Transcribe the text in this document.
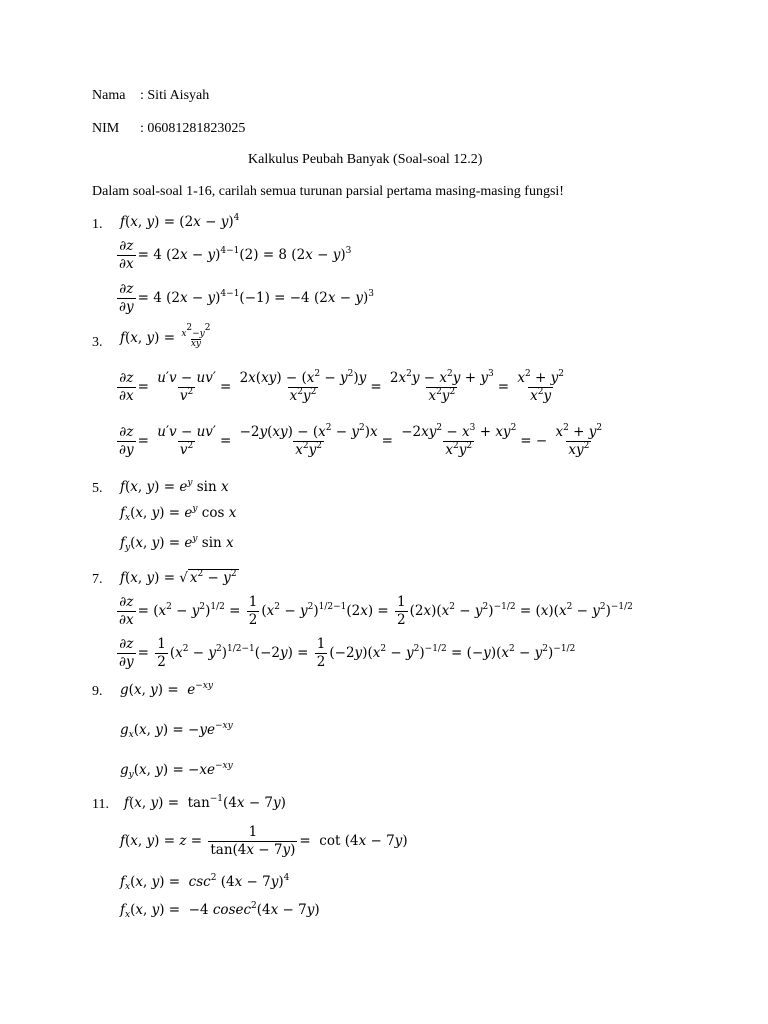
Nama : Siti Aisyah
NIM : 06081281823025
Kalkulus Peubah Banyak (Soal-soal 12.2)
Dalam soal-soal 1-16, carilah semua turunan parsial pertama masing-masing fungsi!
1. f(x, $y) = (2x - y)^4$
$\frac{\partial z}{\partial x} = 4$ $(2x - y)^{4-1}(2) = 8$ $(2x - y)^3$
$\frac{\partial z}{\partial y} = 4$ $(2x - y)^{4-1}(-1) = -4$ $(2x - y)^3$
3. f(x, $y) = \frac{x^2-y^2}{xy}$
$\frac{\partial z}{\partial x} = \frac{u'v - uv'}{v^2} = \frac{2x(xy) - (x^2 - y^2)y}{x^2y^2} = \frac{2x^2y - x^2y + y^3}{x^2y^2} = \frac{x^2 + y^2}{x^2y}$
$\frac{\partial z}{\partial y} = \frac{u'v - uv'}{v^2} = \frac{-2y(xy) - (x^2 - y^2)x}{x^2y^2} = \frac{-2xy^2 - x^3 + xy^2}{x^2y^2}$ = − $\frac{x^2 + y^2}{xy^2}$
5. f(x, $y) = e^y$ sin x
$f_x(x$, $y) = e^y$ cos x
$f_y(x$, $y) = e^y$ sin x
7. f(x, y) = √ $x^2 - y^2$
$\frac{\partial z}{\partial x} = (x^2 - y^2)^{1/2} = \frac{1}{2} (x^2 - y^2)^{1/2-1}(2x) = \frac{1}{2} (2x)(x^2 - y^2)^{-1/2} = (x)(x^2 - y^2)^{-1/2}$
$\frac{\partial z}{\partial y} = \frac{1}{2} (x^2 - y^2)^{1/2-1}(-2y) = \frac{1}{2} (-2y)(x^2 - y^2)^{-1/2} = (-y)(x^2 - y^2)^{-1/2}$
9. g(x, $y) = e^{-xy}$
$g_x(x$, $y) = -ye^{-xy}$
$g_y(x$, $y) = -xe^{-xy}$
11. f(x, $y) = \tan^{-1}(4x - 7y)$
f(x, $y) = z = \frac{1}{\tan(4x - 7y)} = \cot (4x - 7y)$
$f_x(x$, $y) = \csc^2 (4x - 7y)^4$
$f_x(x$, y) =  −4 cosec$^2$(4x − 7y)
